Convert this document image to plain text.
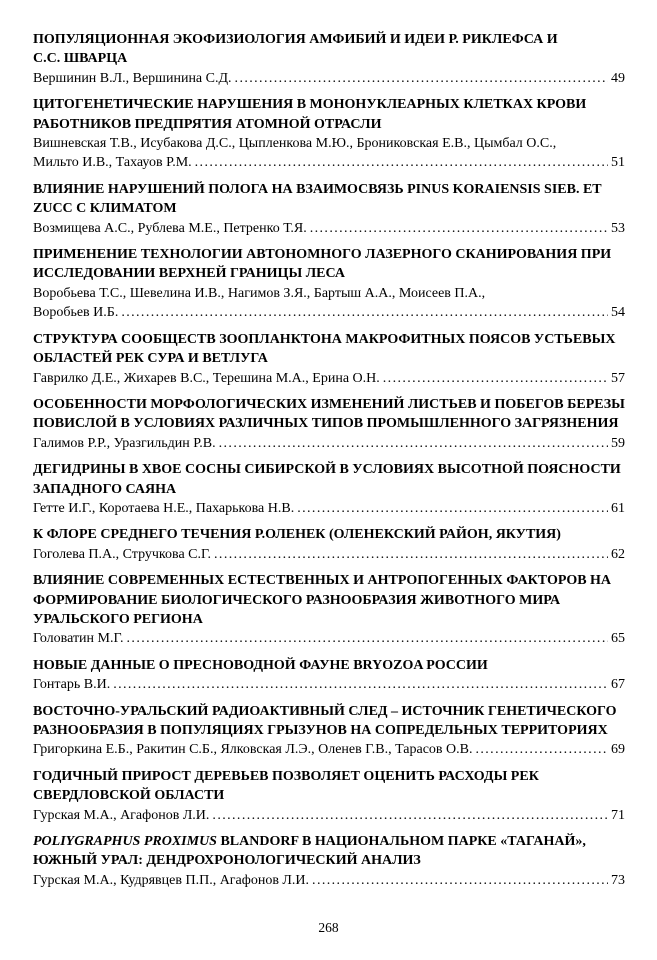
ПОПУЛЯЦИОННАЯ ЭКОФИЗИОЛОГИЯ АМФИБИЙ И ИДЕИ Р. РИКЛЕФСА И С.С. ШВАРЦА
Вершинин В.Л., Вершинина С.Д. .....	49
ЦИТОГЕНЕТИЧЕСКИЕ НАРУШЕНИЯ В МОНОНУКЛЕАРНЫХ КЛЕТКАХ КРОВИ РАБОТНИКОВ ПРЕДПРЯТИЯ АТОМНОЙ ОТРАСЛИ
Вишневская Т.В., Исубакова Д.С., Цыпленкова М.Ю., Брониковская Е.В., Цымбал О.С.,
Мильто И.В., Тахауов Р.М. .....	51
ВЛИЯНИЕ НАРУШЕНИЙ ПОЛОГА НА ВЗАИМОСВЯЗЬ PINUS KORAIENSIS SIEB. ET ZUCC С КЛИМАТОМ
Возмищева А.С., Рублева М.Е., Петренко Т.Я. .....	53
ПРИМЕНЕНИЕ ТЕХНОЛОГИИ АВТОНОМНОГО ЛАЗЕРНОГО СКАНИРОВАНИЯ ПРИ ИССЛЕДОВАНИИ ВЕРХНЕЙ ГРАНИЦЫ ЛЕСА
Воробьева Т.С., Шевелина И.В., Нагимов З.Я., Бартыш А.А., Моисеев П.А.,
Воробьев И.Б. .....	54
СТРУКТУРА СООБЩЕСТВ ЗООПЛАНКТОНА МАКРОФИТНЫХ ПОЯСОВ УСТЬЕВЫХ ОБЛАСТЕЙ РЕК СУРА И ВЕТЛУГА
Гаврилко Д.Е., Жихарев В.С., Терешина М.А., Ерина О.Н. .....	57
ОСОБЕННОСТИ МОРФОЛОГИЧЕСКИХ ИЗМЕНЕНИЙ ЛИСТЬЕВ И ПОБЕГОВ БЕРЕЗЫ ПОВИСЛОЙ В УСЛОВИЯХ РАЗЛИЧНЫХ ТИПОВ ПРОМЫШЛЕННОГО ЗАГРЯЗНЕНИЯ
Галимов Р.Р., Уразгильдин Р.В. .....	59
ДЕГИДРИНЫ В ХВОЕ СОСНЫ СИБИРСКОЙ В УСЛОВИЯХ ВЫСОТНОЙ ПОЯСНОСТИ ЗАПАДНОГО САЯНА
Гетте И.Г., Коротаева Н.Е., Пахарькова Н.В. .....	61
К ФЛОРЕ СРЕДНЕГО ТЕЧЕНИЯ Р.ОЛЕНЕК (ОЛЕНЕКСКИЙ РАЙОН, ЯКУТИЯ)
Гоголева П.А., Стручкова С.Г. .....	62
ВЛИЯНИЕ СОВРЕМЕННЫХ ЕСТЕСТВЕННЫХ И АНТРОПОГЕННЫХ ФАКТОРОВ НА ФОРМИРОВАНИЕ БИОЛОГИЧЕСКОГО РАЗНООБРАЗИЯ ЖИВОТНОГО МИРА УРАЛЬСКОГО РЕГИОНА
Головатин М.Г. .....	65
НОВЫЕ ДАННЫЕ О ПРЕСНОВОДНОЙ ФАУНЕ BRYOZOA РОССИИ
Гонтарь В.И. .....	67
ВОСТОЧНО-УРАЛЬСКИЙ РАДИОАКТИВНЫЙ СЛЕД – ИСТОЧНИК ГЕНЕТИЧЕСКОГО РАЗНООБРАЗИЯ В ПОПУЛЯЦИЯХ ГРЫЗУНОВ НА СОПРЕДЕЛЬНЫХ ТЕРРИТОРИЯХ
Григоркина Е.Б., Ракитин С.Б., Ялковская Л.Э., Оленев Г.В., Тарасов О.В. .....	69
ГОДИЧНЫЙ ПРИРОСТ ДЕРЕВЬЕВ ПОЗВОЛЯЕТ ОЦЕНИТЬ РАСХОДЫ РЕК СВЕРДЛОВСКОЙ ОБЛАСТИ
Гурская М.А., Агафонов Л.И. .....	71
POLIYGRAPHUS PROXIMUS BLANDORF В НАЦИОНАЛЬНОМ ПАРКЕ «ТАГАНАЙ», ЮЖНЫЙ УРАЛ: ДЕНДРОХРОНОЛОГИЧЕСКИЙ АНАЛИЗ
Гурская М.А., Кудрявцев П.П., Агафонов Л.И. .....	73
268
